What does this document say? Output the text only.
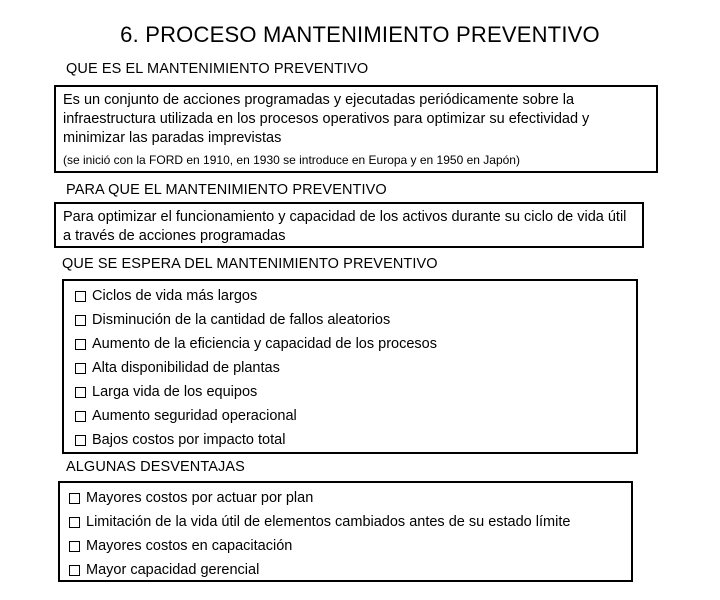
6. PROCESO MANTENIMIENTO PREVENTIVO
QUE ES EL MANTENIMIENTO PREVENTIVO

Es un conjunto de acciones programadas y ejecutadas periódicamente sobre la infraestructura utilizada en los procesos operativos para optimizar su efectividad y minimizar las paradas imprevistas

(se inició con la FORD en 1910, en 1930 se introduce en Europa y en 1950 en Japón)
PARA QUE EL MANTENIMIENTO PREVENTIVO

Para optimizar el funcionamiento y capacidad de los activos durante su ciclo de vida útil a través de acciones programadas

QUE SE ESPERA DEL MANTENIMIENTO PREVENTIVO
Ciclos de vida más largos
Disminución de la cantidad de fallos aleatorios
Aumento de la eficiencia y capacidad de los procesos
Alta disponibilidad de plantas
Larga vida de los equipos
Aumento seguridad operacional
Bajos costos por impacto total
ALGUNAS DESVENTAJAS
Mayores costos por actuar por plan
Limitación de la vida útil de elementos cambiados antes de su estado límite
Mayores costos en capacitación
Mayor capacidad gerencial
